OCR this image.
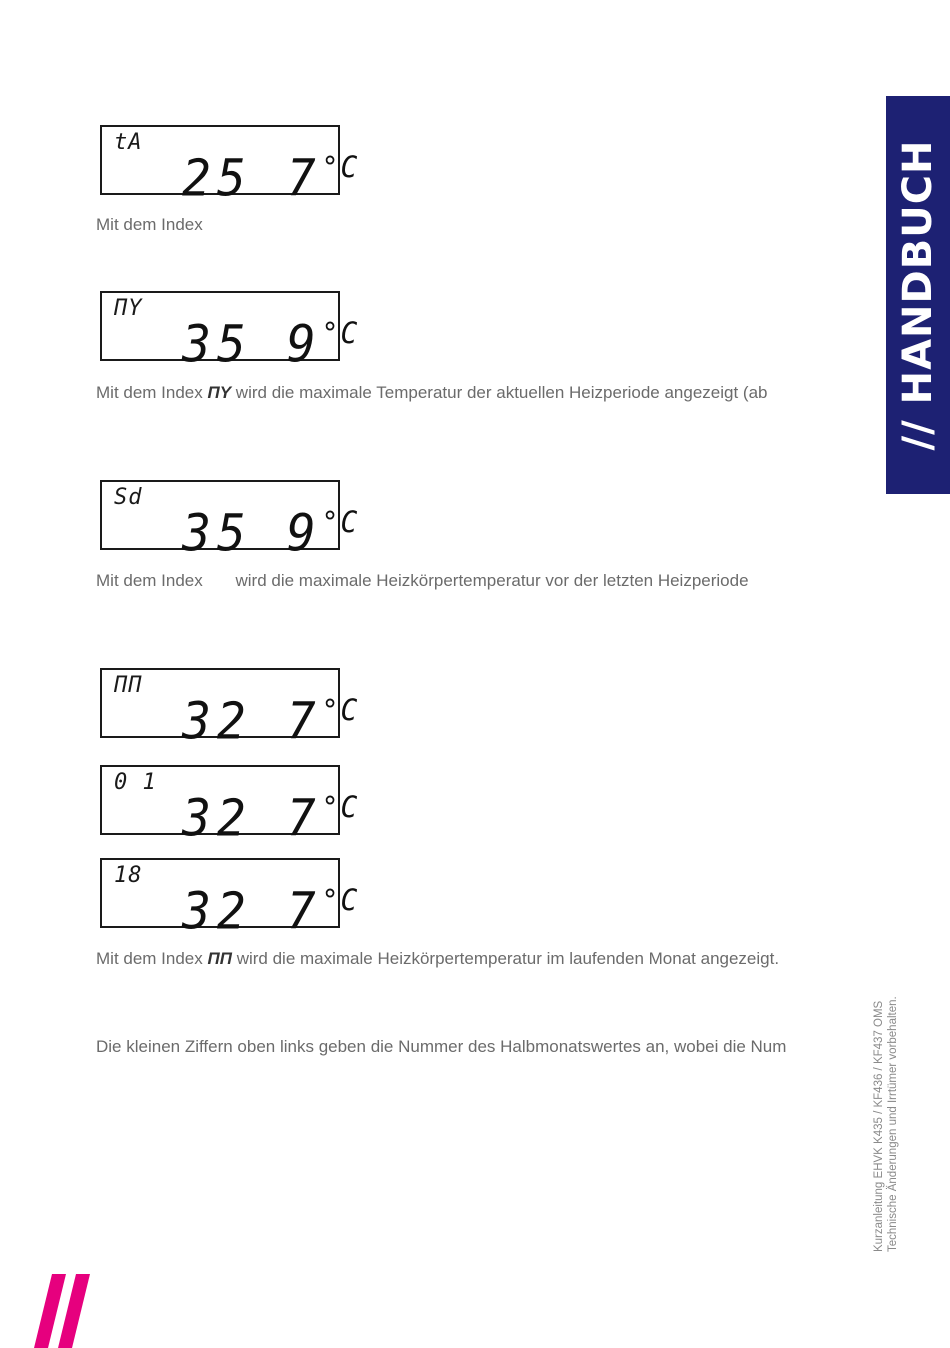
tA
25 $7^{^\circ C}$
Mit dem Index
ПY
35 $9^{^\circ C}$
Mit dem Index ПY wird die maximale Temperatur der aktuellen Heizperiode angezeigt (ab
Sd
35 $9^{^\circ C}$
Mit dem Index wird die maximale Heizkörpertemperatur vor der letzten Heizperiode
ПП
32 $7^{^\circ C}$
0 1
32 $7^{^\circ C}$
18
32 $7^{^\circ C}$
Mit dem Index ПП wird die maximale Heizkörpertemperatur im laufenden Monat angezeigt.
Die kleinen Ziffern oben links geben die Nummer des Halbmonatswertes an, wobei die Num
// HANDBUCH
Kurzanleitung EHVK K435 / KF436 / KF437 OMS Technische Änderungen und Irrtümer vorbehalten.
